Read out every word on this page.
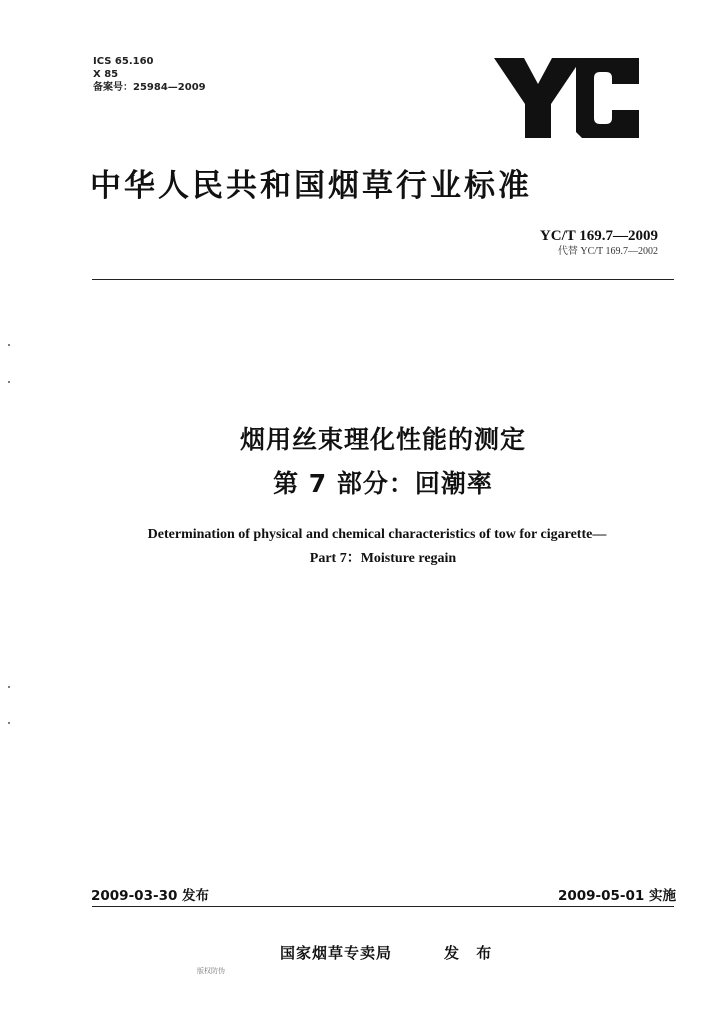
ICS 65.160
X 85
备案号：25984—2009
中华人民共和国烟草行业标准
YC/T 169.7—2009
代替 YC/T 169.7—2002
烟用丝束理化性能的测定
第 7 部分：回潮率
Determination of physical and chemical characteristics of tow for cigarette—
Part 7：Moisture regain
2009-03-30 发布	2009-05-01 实施
国家烟草专卖局	发 布
版权防伪
